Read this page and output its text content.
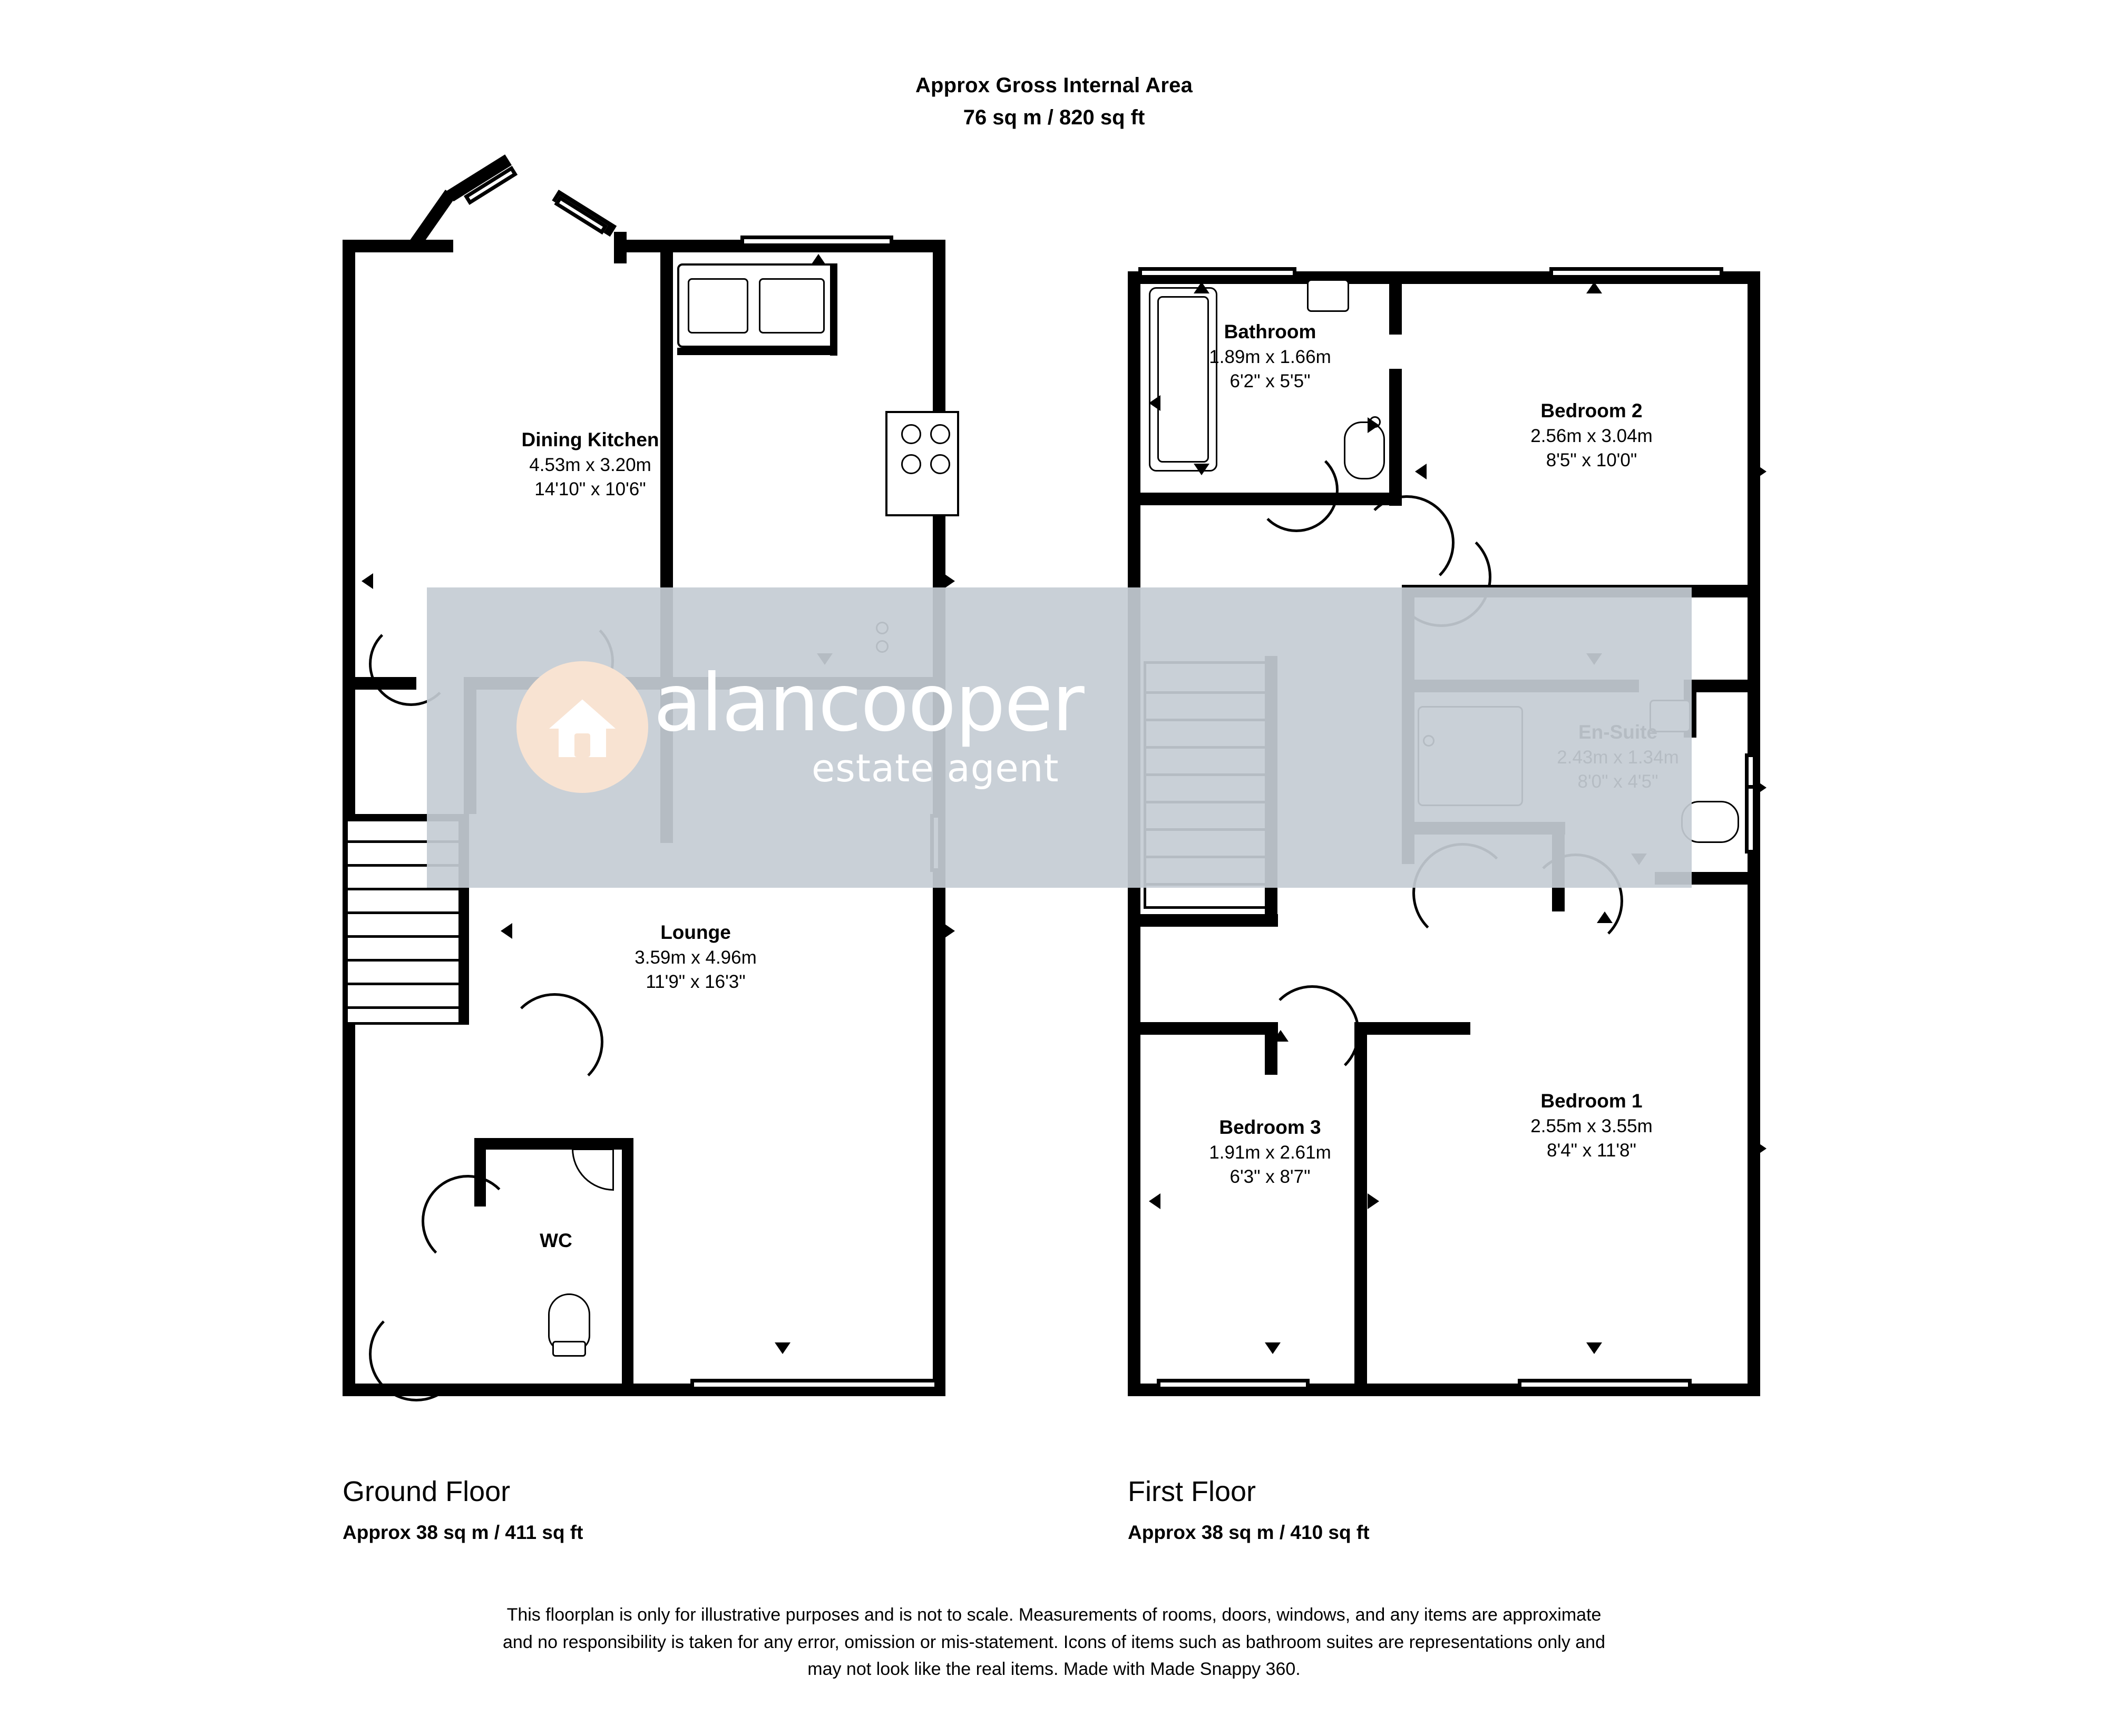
Approx Gross Internal Area
76 sq m / 820 sq ft
Dining Kitchen
4.53m x 3.20m
14'10" x 10'6"
Lounge
3.59m x 4.96m
11'9" x 16'3"
WC
Bathroom
1.89m x 1.66m
6'2" x 5'5"
Bedroom 2
2.56m x 3.04m
8'5" x 10'0"
Bedroom 3
1.91m x 2.61m
6'3" x 8'7"
Bedroom 1
2.55m x 3.55m
8'4" x 11'8"
alancooper
estate agent
Ground Floor
Approx 38 sq m / 411 sq ft
First Floor
Approx 38 sq m / 410 sq ft
This floorplan is only for illustrative purposes and is not to scale. Measurements of rooms, doors, windows, and any items are approximate
and no responsibility is taken for any error, omission or mis-statement. Icons of items such as bathroom suites are representations only and
may not look like the real items. Made with Made Snappy 360.
